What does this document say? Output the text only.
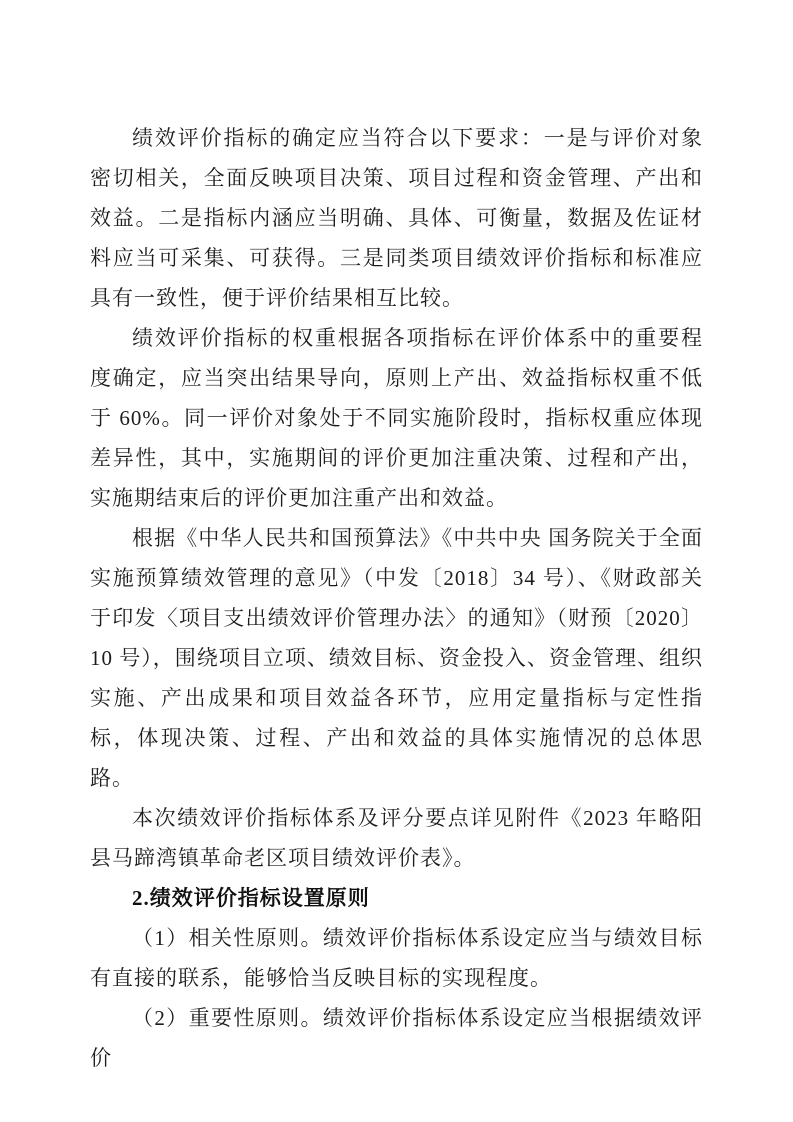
绩效评价指标的确定应当符合以下要求：一是与评价对象密切相关，全面反映项目决策、项目过程和资金管理、产出和效益。二是指标内涵应当明确、具体、可衡量，数据及佐证材料应当可采集、可获得。三是同类项目绩效评价指标和标准应具有一致性，便于评价结果相互比较。

绩效评价指标的权重根据各项指标在评价体系中的重要程度确定，应当突出结果导向，原则上产出、效益指标权重不低于 60%。同一评价对象处于不同实施阶段时，指标权重应体现差异性，其中，实施期间的评价更加注重决策、过程和产出，实施期结束后的评价更加注重产出和效益。

根据《中华人民共和国预算法》《中共中央 国务院关于全面实施预算绩效管理的意见》（中发〔2018〕34 号）、《财政部关于印发〈项目支出绩效评价管理办法〉的通知》（财预〔2020〕10 号），围绕项目立项、绩效目标、资金投入、资金管理、组织实施、产出成果和项目效益各环节，应用定量指标与定性指标，体现决策、过程、产出和效益的具体实施情况的总体思路。

本次绩效评价指标体系及评分要点详见附件《2023 年略阳县马蹄湾镇革命老区项目绩效评价表》。

2.绩效评价指标设置原则

（1）相关性原则。绩效评价指标体系设定应当与绩效目标有直接的联系，能够恰当反映目标的实现程度。

（2）重要性原则。绩效评价指标体系设定应当根据绩效评价
